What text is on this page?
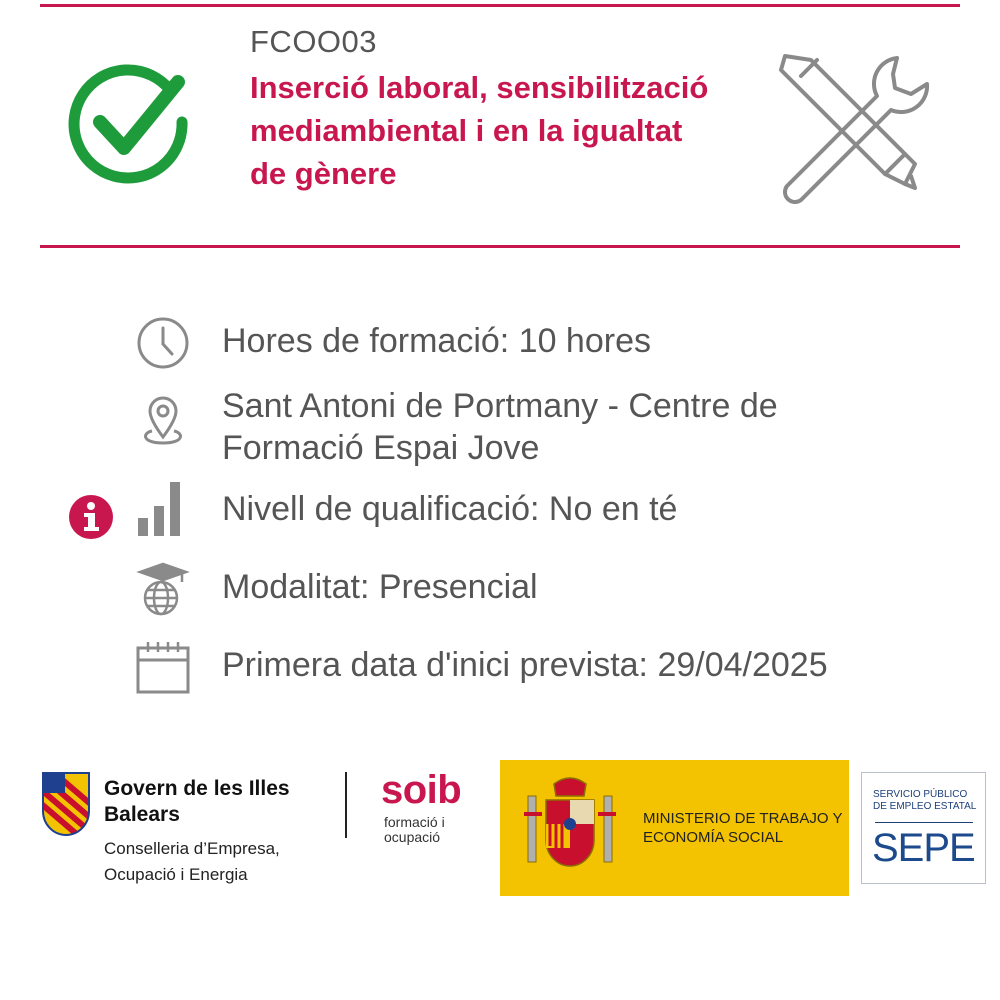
FCOO03
Inserció laboral, sensibilització mediambiental i en la igualtat de gènere
Hores de formació: 10 hores
Sant Antoni de Portmany - Centre de Formació Espai Jove
Nivell de qualificació: No en té
Modalitat: Presencial
Primera data d'inici prevista: 29/04/2025
Govern de les Illes Balears
Conselleria d’Empresa, Ocupació i Energia
soib
formació i ocupació
MINISTERIO DE TRABAJO Y ECONOMÍA SOCIAL
SERVICIO PÚBLICO DE EMPLEO ESTATAL
SEPE
